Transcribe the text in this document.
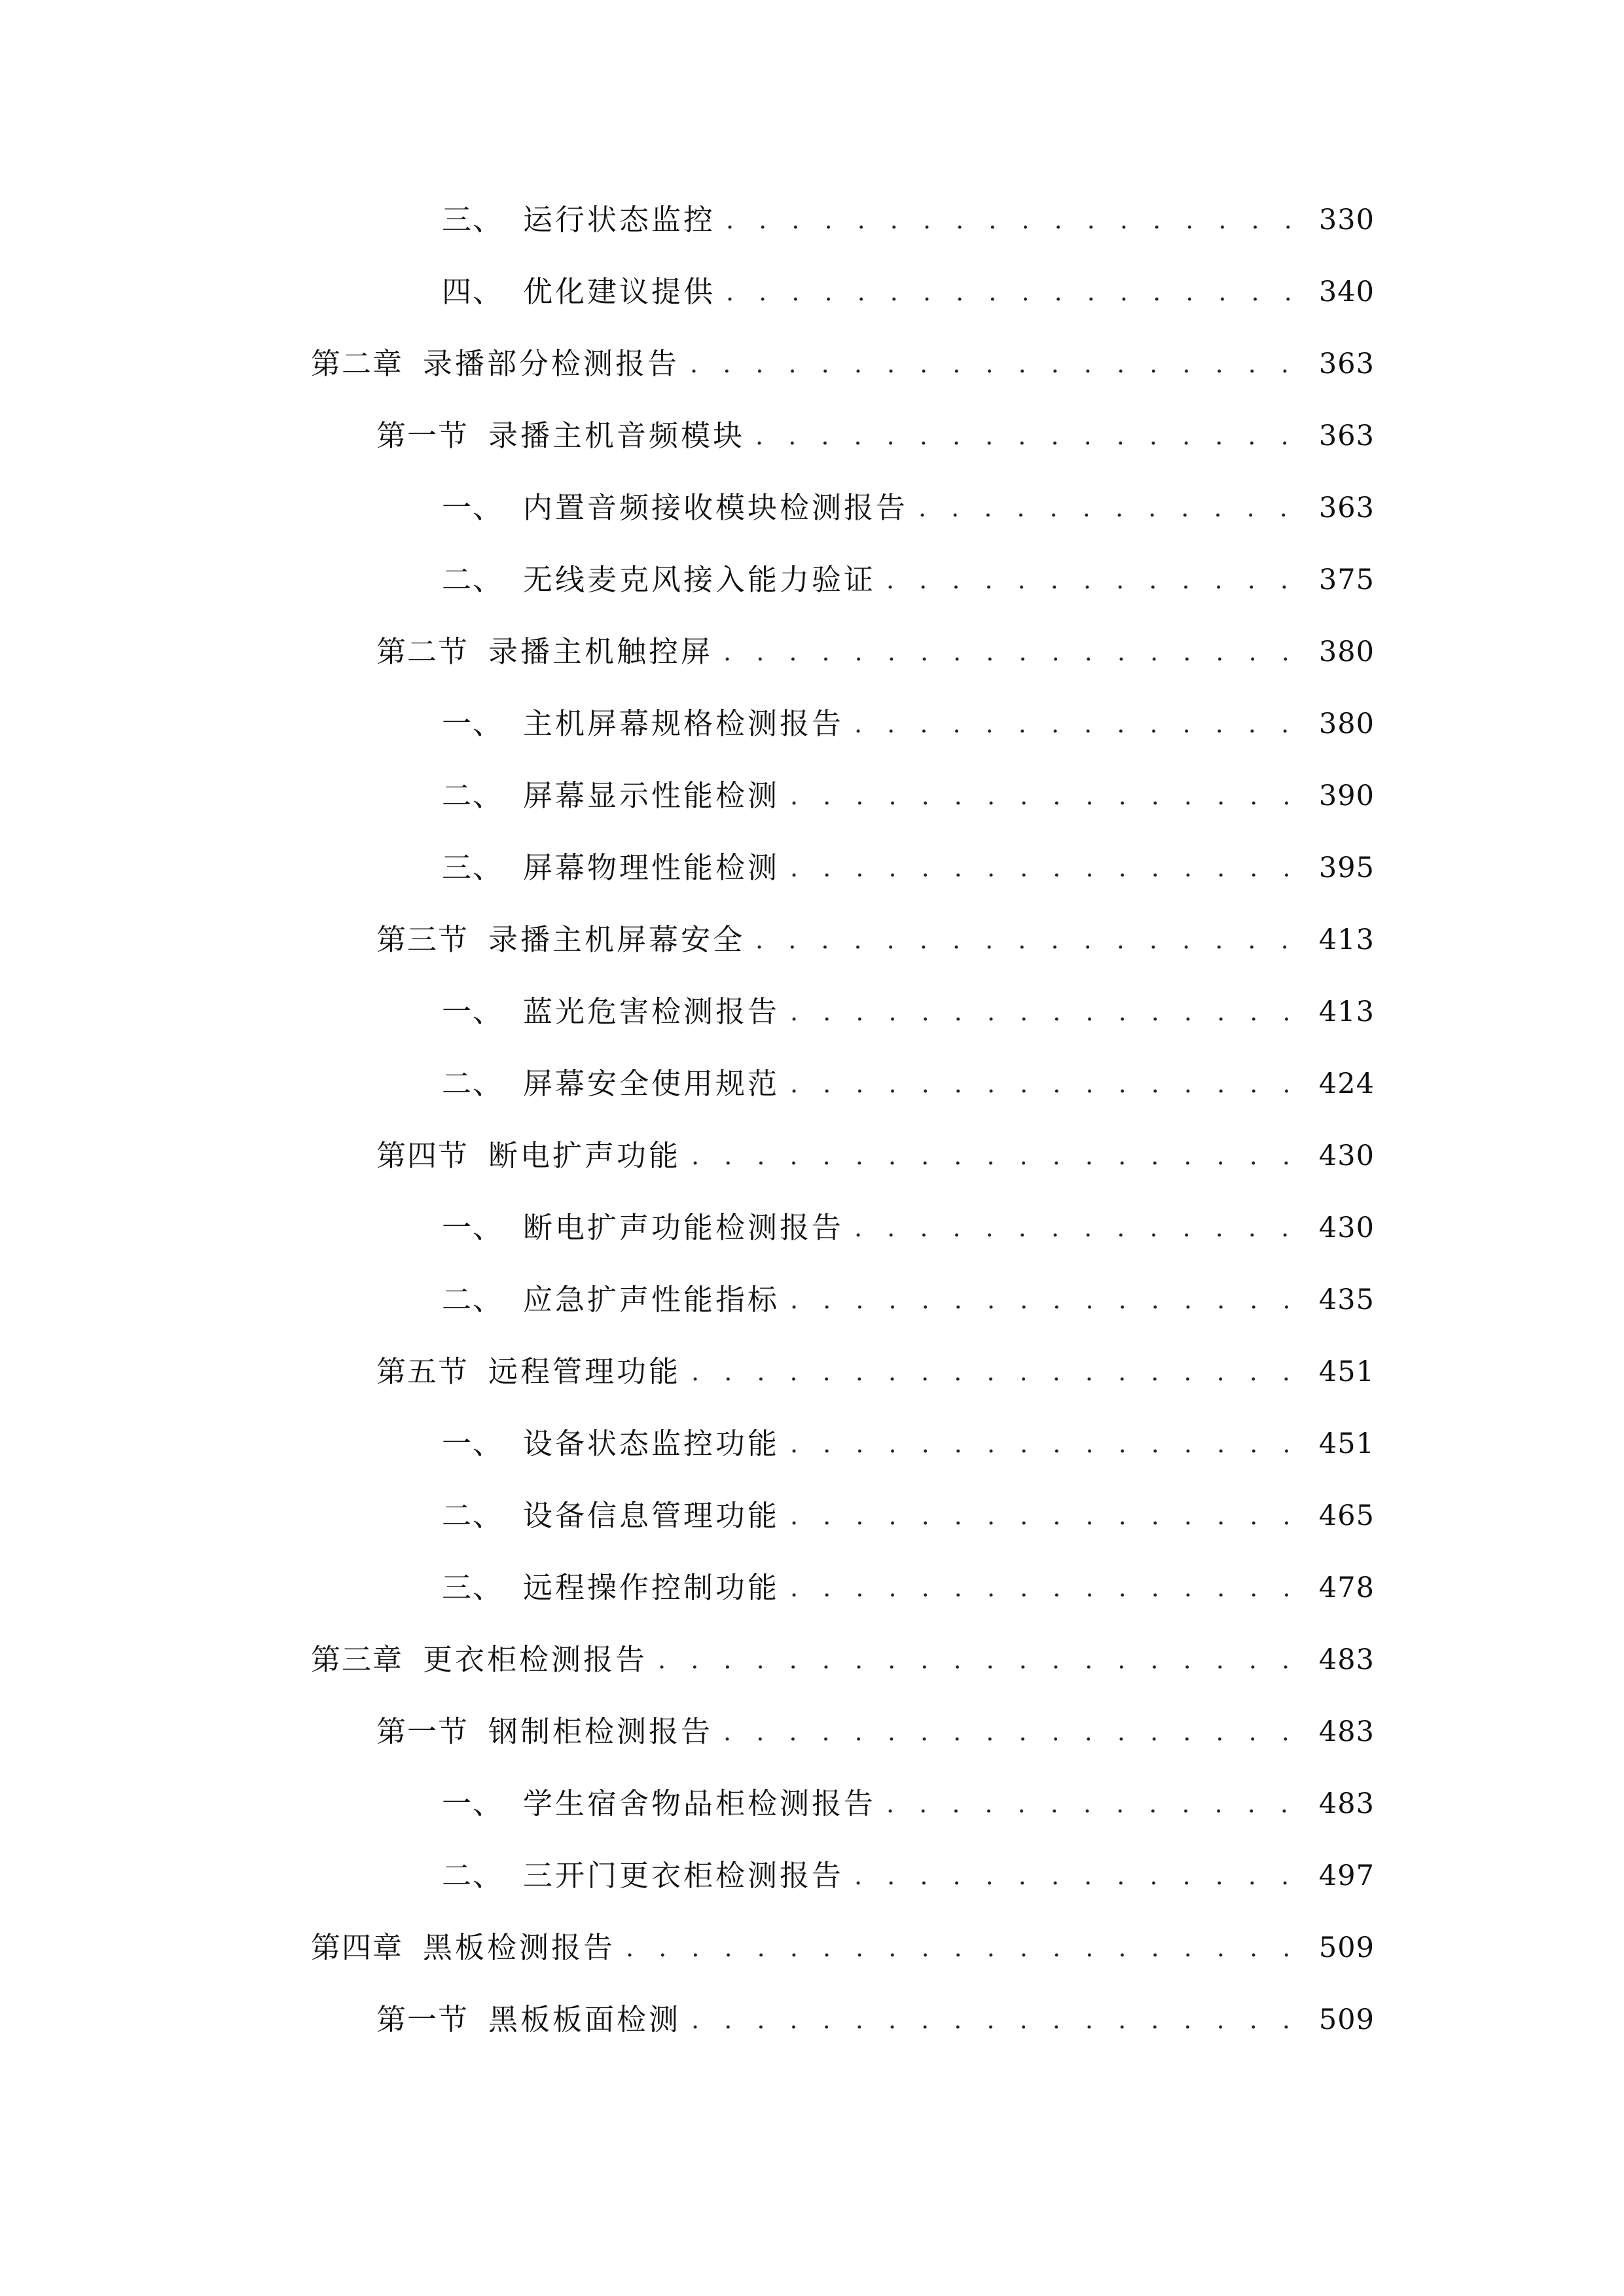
三、 运行状态监控 . . .	330
四、 优化建议提供 . . .	340
第二章 录播部分检测报告 . . .	363
第一节 录播主机音频模块 . . .	363
一、 内置音频接收模块检测报告 . . .	363
二、 无线麦克风接入能力验证 . . .	375
第二节 录播主机触控屏 . . .	380
一、 主机屏幕规格检测报告 . . .	380
二、 屏幕显示性能检测 . . .	390
三、 屏幕物理性能检测 . . .	395
第三节 录播主机屏幕安全 . . .	413
一、 蓝光危害检测报告 . . .	413
二、 屏幕安全使用规范 . . .	424
第四节 断电扩声功能 . . .	430
一、 断电扩声功能检测报告 . . .	430
二、 应急扩声性能指标 . . .	435
第五节 远程管理功能 . . .	451
一、 设备状态监控功能 . . .	451
二、 设备信息管理功能 . . .	465
三、 远程操作控制功能 . . .	478
第三章 更衣柜检测报告 . . .	483
第一节 钢制柜检测报告 . . .	483
一、 学生宿舍物品柜检测报告 . . .	483
二、 三开门更衣柜检测报告 . . .	497
第四章 黑板检测报告 . . .	509
第一节 黑板板面检测 . . .	509
